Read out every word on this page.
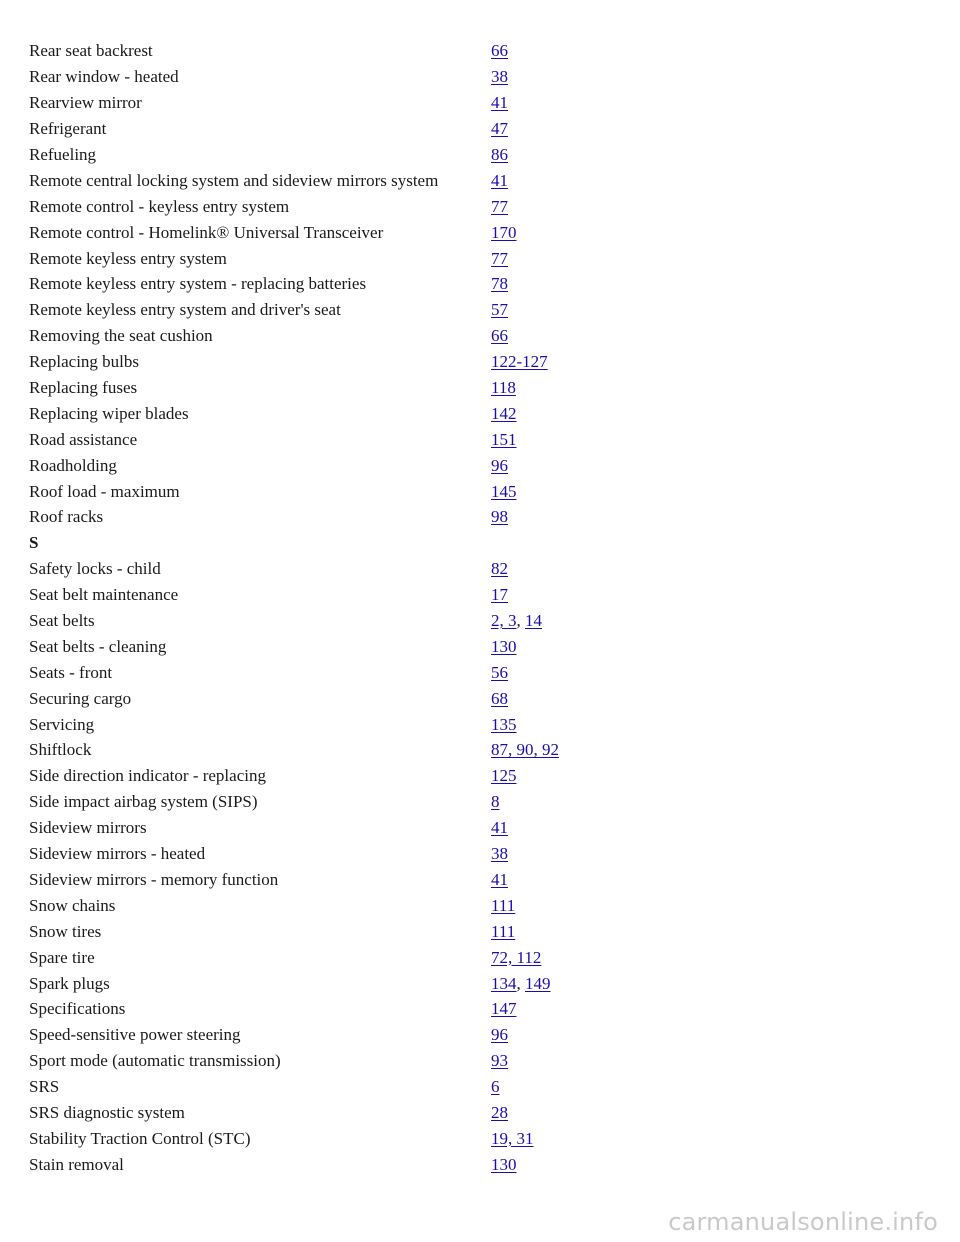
Rear seat backrest	66
Rear window - heated	38
Rearview mirror	41
Refrigerant	47
Refueling	86
Remote central locking system and sideview mirrors system	41
Remote control - keyless entry system	77
Remote control - Homelink® Universal Transceiver	170
Remote keyless entry system	77
Remote keyless entry system - replacing batteries	78
Remote keyless entry system and driver's seat	57
Removing the seat cushion	66
Replacing bulbs	122-127
Replacing fuses	118
Replacing wiper blades	142
Road assistance	151
Roadholding	96
Roof load - maximum	145
Roof racks	98
S
Safety locks - child	82
Seat belt maintenance	17
Seat belts	2, 3, 14
Seat belts - cleaning	130
Seats - front	56
Securing cargo	68
Servicing	135
Shiftlock	87, 90, 92
Side direction indicator - replacing	125
Side impact airbag system (SIPS)	8
Sideview mirrors	41
Sideview mirrors - heated	38
Sideview mirrors - memory function	41
Snow chains	111
Snow tires	111
Spare tire	72, 112
Spark plugs	134, 149
Specifications	147
Speed-sensitive power steering	96
Sport mode (automatic transmission)	93
SRS	6
SRS diagnostic system	28
Stability Traction Control (STC)	19, 31
Stain removal	130
carmanualsonline.info
